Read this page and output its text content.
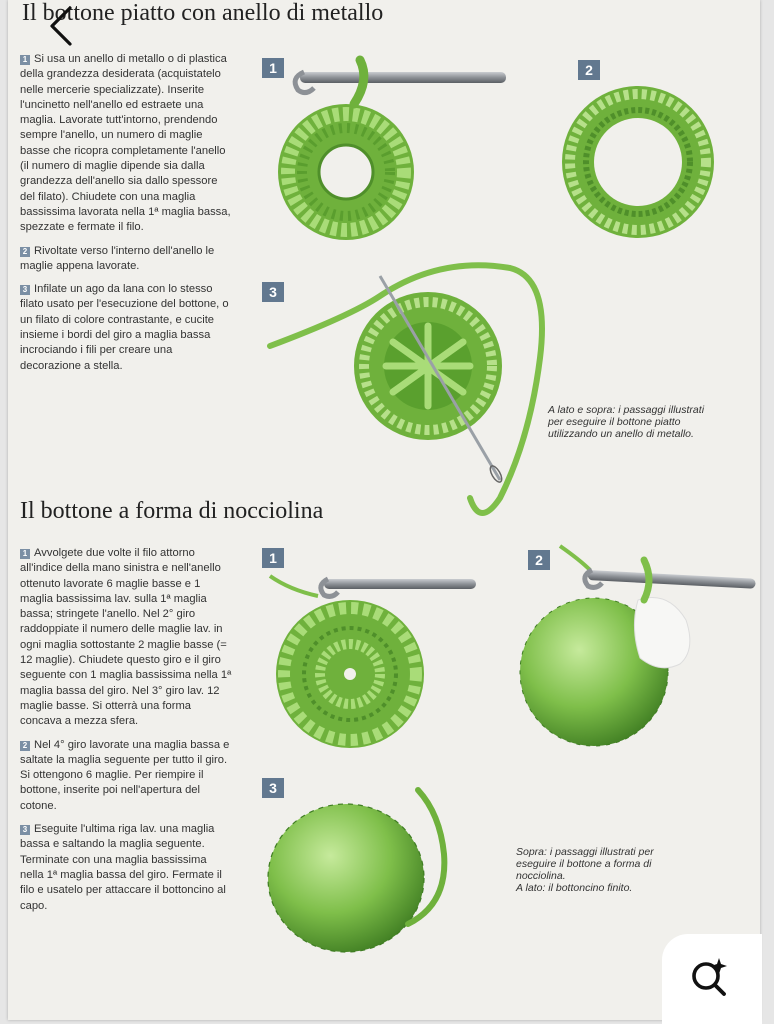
Il bottone piatto con anello di metallo

1 Si usa un anello di metallo o di plastica della grandezza desiderata (acquistatelo nelle mercerie specializzate). Inserite l'uncinetto nell'anello ed estraete una maglia. Lavorate tutt'intorno, prendendo sempre l'anello, un numero di maglie basse che ricopra completamente l'anello (il numero di maglie dipende sia dalla grandezza dell'anello sia dallo spessore del filato). Chiudete con una maglia bassissima lavorata nella 1ª maglia bassa, spezzate e fermate il filo.

2 Rivoltate verso l'interno dell'anello le maglie appena lavorate.

3 Infilate un ago da lana con lo stesso filato usato per l'esecuzione del bottone, o un filato di colore contrastante, e cucite insieme i bordi del giro a maglia bassa incrociando i fili per creare una decorazione a stella.

1	2
3
A lato e sopra: i passaggi illustrati per eseguire il bottone piatto utilizzando un anello di metallo.
Il bottone a forma di nocciolina

1 Avvolgete due volte il filo attorno all'indice della mano sinistra e nell'anello ottenuto lavorate 6 maglie basse e 1 maglia bassissima lav. sulla 1ª maglia bassa; stringete l'anello. Nel 2° giro raddoppiate il numero delle maglie lav. in ogni maglia sottostante 2 maglie basse (= 12 maglie). Chiudete questo giro e il giro seguente con 1 maglia bassissima nella 1ª maglia bassa del giro. Nel 3° giro lav. 12 maglie basse. Si otterrà una forma concava a mezza sfera.

2 Nel 4° giro lavorate una maglia bassa e saltate la maglia seguente per tutto il giro. Si ottengono 6 maglie. Per riempire il bottone, inserite poi nell'apertura del cotone.

3 Eseguite l'ultima riga lav. una maglia bassa e saltando la maglia seguente. Terminate con una maglia bassissima nella 1ª maglia bassa del giro. Fermate il filo e usatelo per attaccare il bottoncino al capo.

1	2
3
Sopra: i passaggi illustrati per eseguire il bottone a forma di nocciolina.
A lato: il bottoncino finito.
